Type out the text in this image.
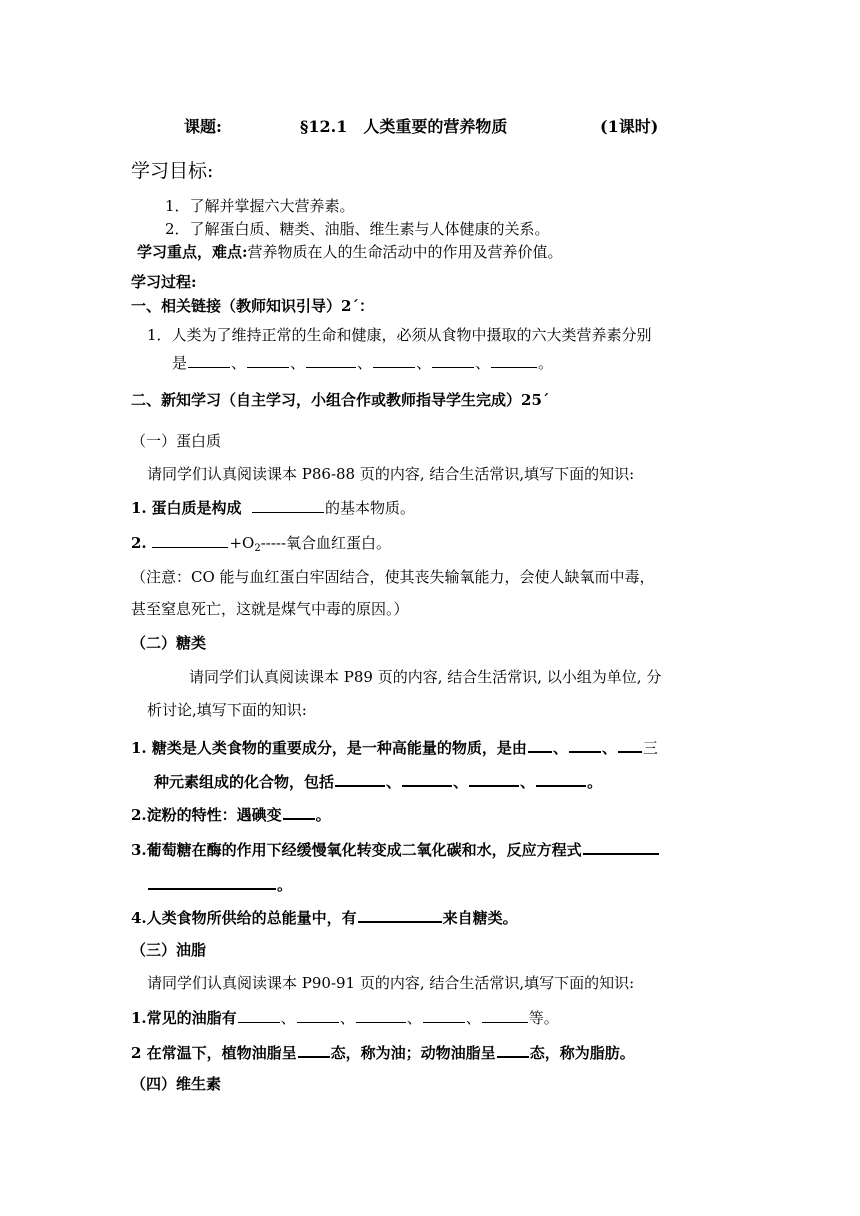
课题:	§12.1　人类重要的营养物质	(1课时)
学习目标:
1．了解并掌握六大营养素。
2．了解蛋白质、糖类、油脂、维生素与人体健康的关系。
学习重点，难点:营养物质在人的生命活动中的作用及营养价值。
学习过程:
一、相关链接（教师知识引导）2´：
1．人类为了维持正常的生命和健康，必须从食物中摄取的六大类营养素分别
是	、	、	、	、	、	。
二、新知学习（自主学习，小组合作或教师指导学生完成）25´
（一）蛋白质
请同学们认真阅读课本 P86-88 页的内容, 结合生活常识,填写下面的知识:
1. 蛋白质是构成	的基本物质。
2.	$+O_2-----$氧合血红蛋白。
（注意：CO 能与血红蛋白牢固结合，使其丧失输氧能力，会使人缺氧而中毒，
甚至窒息死亡，这就是煤气中毒的原因。）
（二）糖类
请同学们认真阅读课本 P89 页的内容, 结合生活常识, 以小组为单位, 分
析讨论,填写下面的知识:
1. 糖类是人类食物的重要成分，是一种高能量的物质，是由 、 、 三
种元素组成的化合物，包括	、	、	、	。
2.淀粉的特性：遇碘变 。
3.葡萄糖在酶的作用下经缓慢氧化转变成二氧化碳和水，反应方程式
。
4.人类食物所供给的总能量中，有	来自糖类。
（三）油脂
请同学们认真阅读课本 P90-91 页的内容, 结合生活常识,填写下面的知识:
1.常见的油脂有	、	、	、	、	等。
2 在常温下，植物油脂呈 态，称为油；动物油脂呈 态，称为脂肪。
（四）维生素
